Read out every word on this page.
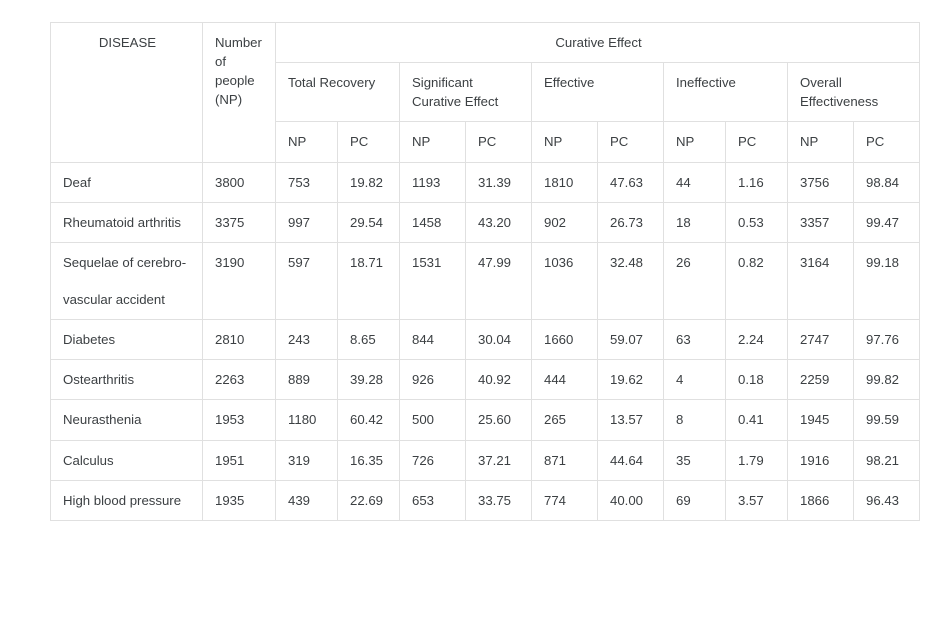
DISEASE	Number of people (NP)	Curative Effect									
		Total Recovery		Significant Curative Effect		Effective		Ineffective		Overall Effectiveness	
		NP	PC	NP	PC	NP	PC	NP	PC	NP	PC
Deaf	3800	753	19.82	1193	31.39	1810	47.63	44	1.16	3756	98.84
Rheumatoid arthritis	3375	997	29.54	1458	43.20	902	26.73	18	0.53	3357	99.47
Sequelae of cerebro-
vascular accident	3190	597	18.71	1531	47.99	1036	32.48	26	0.82	3164	99.18
Diabetes	2810	243	8.65	844	30.04	1660	59.07	63	2.24	2747	97.76
Ostearthritis	2263	889	39.28	926	40.92	444	19.62	4	0.18	2259	99.82
Neurasthenia	1953	1180	60.42	500	25.60	265	13.57	8	0.41	1945	99.59
Calculus	1951	319	16.35	726	37.21	871	44.64	35	1.79	1916	98.21
High blood pressure	1935	439	22.69	653	33.75	774	40.00	69	3.57	1866	96.43
